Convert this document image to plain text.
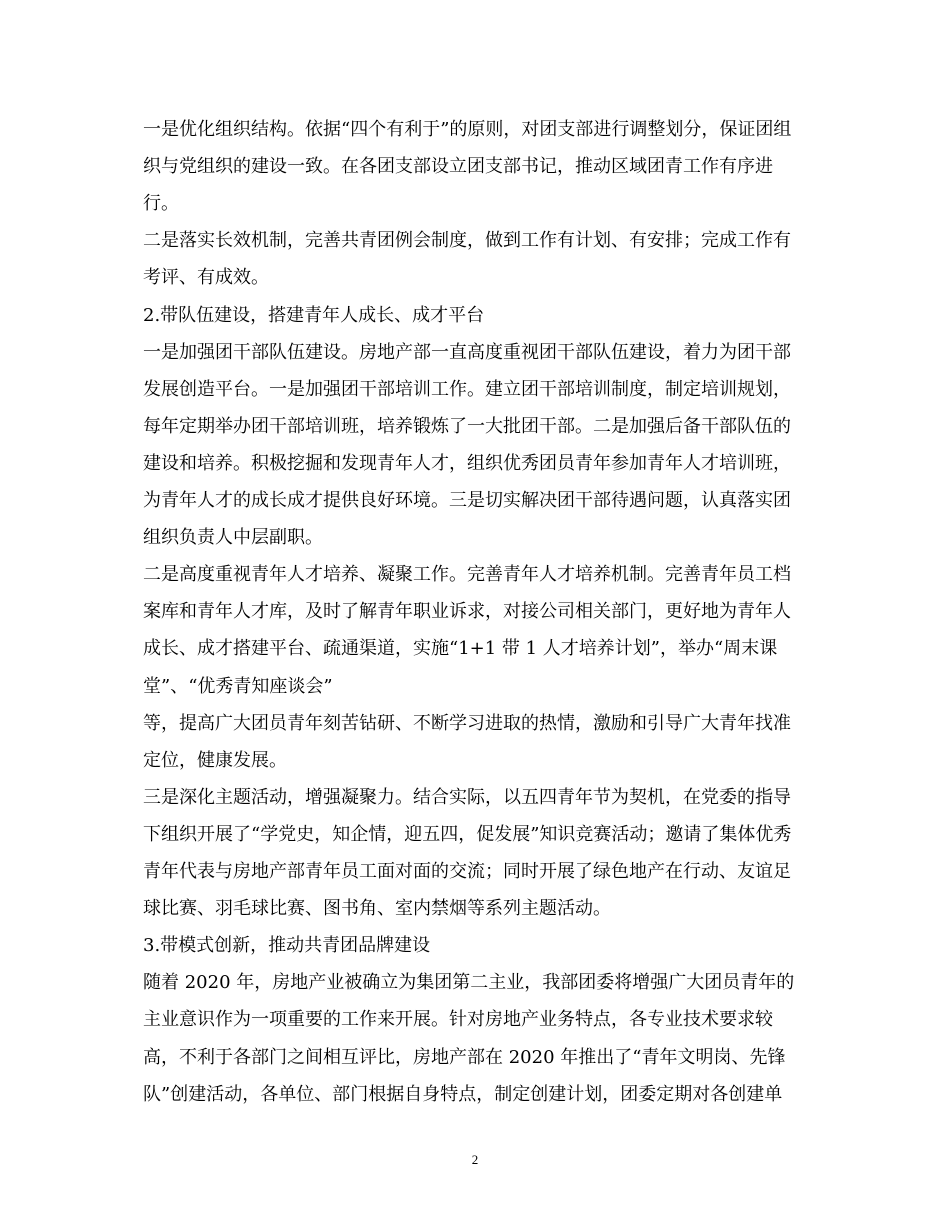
一是优化组织结构。依据“四个有利于”的原则，对团支部进行调整划分，保证团组
织与党组织的建设一致。在各团支部设立团支部书记，推动区域团青工作有序进
行。
二是落实长效机制，完善共青团例会制度，做到工作有计划、有安排；完成工作有
考评、有成效。
2.带队伍建设，搭建青年人成长、成才平台
一是加强团干部队伍建设。房地产部一直高度重视团干部队伍建设，着力为团干部
发展创造平台。一是加强团干部培训工作。建立团干部培训制度，制定培训规划，
每年定期举办团干部培训班，培养锻炼了一大批团干部。二是加强后备干部队伍的
建设和培养。积极挖掘和发现青年人才，组织优秀团员青年参加青年人才培训班，
为青年人才的成长成才提供良好环境。三是切实解决团干部待遇问题，认真落实团
组织负责人中层副职。
二是高度重视青年人才培养、凝聚工作。完善青年人才培养机制。完善青年员工档
案库和青年人才库，及时了解青年职业诉求，对接公司相关部门，更好地为青年人
成长、成才搭建平台、疏通渠道，实施“1+1 带 1 人才培养计划”，举办“周末课
堂”、“优秀青知座谈会”
等，提高广大团员青年刻苦钻研、不断学习进取的热情，激励和引导广大青年找准
定位，健康发展。
三是深化主题活动，增强凝聚力。结合实际，以五四青年节为契机，在党委的指导
下组织开展了“学党史，知企情，迎五四，促发展”知识竞赛活动；邀请了集体优秀
青年代表与房地产部青年员工面对面的交流；同时开展了绿色地产在行动、友谊足
球比赛、羽毛球比赛、图书角、室内禁烟等系列主题活动。
3.带模式创新，推动共青团品牌建设
随着 2020 年，房地产业被确立为集团第二主业，我部团委将增强广大团员青年的
主业意识作为一项重要的工作来开展。针对房地产业务特点，各专业技术要求较
高，不利于各部门之间相互评比，房地产部在 2020 年推出了“青年文明岗、先锋
队”创建活动，各单位、部门根据自身特点，制定创建计划，团委定期对各创建单
2
